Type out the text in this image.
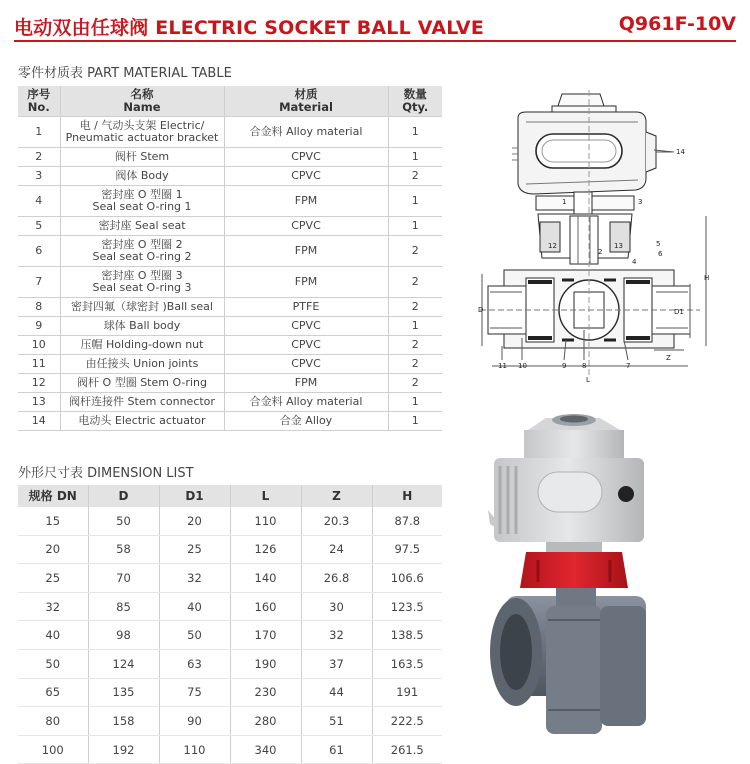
电动双由任球阀 ELECTRIC SOCKET BALL VALVE	Q961F-10V
零件材质表 PART MATERIAL TABLE
序号
No.	名称
Name	材质
Material	数量
Qty.
1	电 / 气动头支架 Electric/
Pneumatic actuator bracket	合金料 Alloy material	1
2	阀杆 Stem	CPVC	1
3	阀体 Body	CPVC	2
4	密封座 O 型圈 1
Seal seat O-ring 1	FPM	1
5	密封座 Seal seat	CPVC	1
6	密封座 O 型圈 2
Seal seat O-ring 2	FPM	2
7	密封座 O 型圈 3
Seal seat O-ring 3	FPM	2
8	密封四氟（球密封 )Ball seal	PTFE	2
9	球体 Ball body	CPVC	1
10	压帽 Holding-down nut	CPVC	2
11	由任接头 Union joints	CPVC	2
12	阀杆 O 型圈 Stem O-ring	FPM	2
13	阀杆连接件 Stem connector	合金料 Alloy material	1
14	电动头 Electric actuator	合金 Alloy	1
外形尺寸表 DIMENSION LIST
规格 DN	D	D1	L	Z	H
15	50	20	110	20.3	87.8
20	58	25	126	24	97.5
25	70	32	140	26.8	106.6
32	85	40	160	30	123.5
40	98	50	170	32	138.5
50	124	63	190	37	163.5
65	135	75	230	44	191
80	158	90	280	51	222.5
100	192	110	340	61	261.5
14
1	3
12	13
2
4
5
6
11 10	9 8	7
D	D1
H
Z
L
